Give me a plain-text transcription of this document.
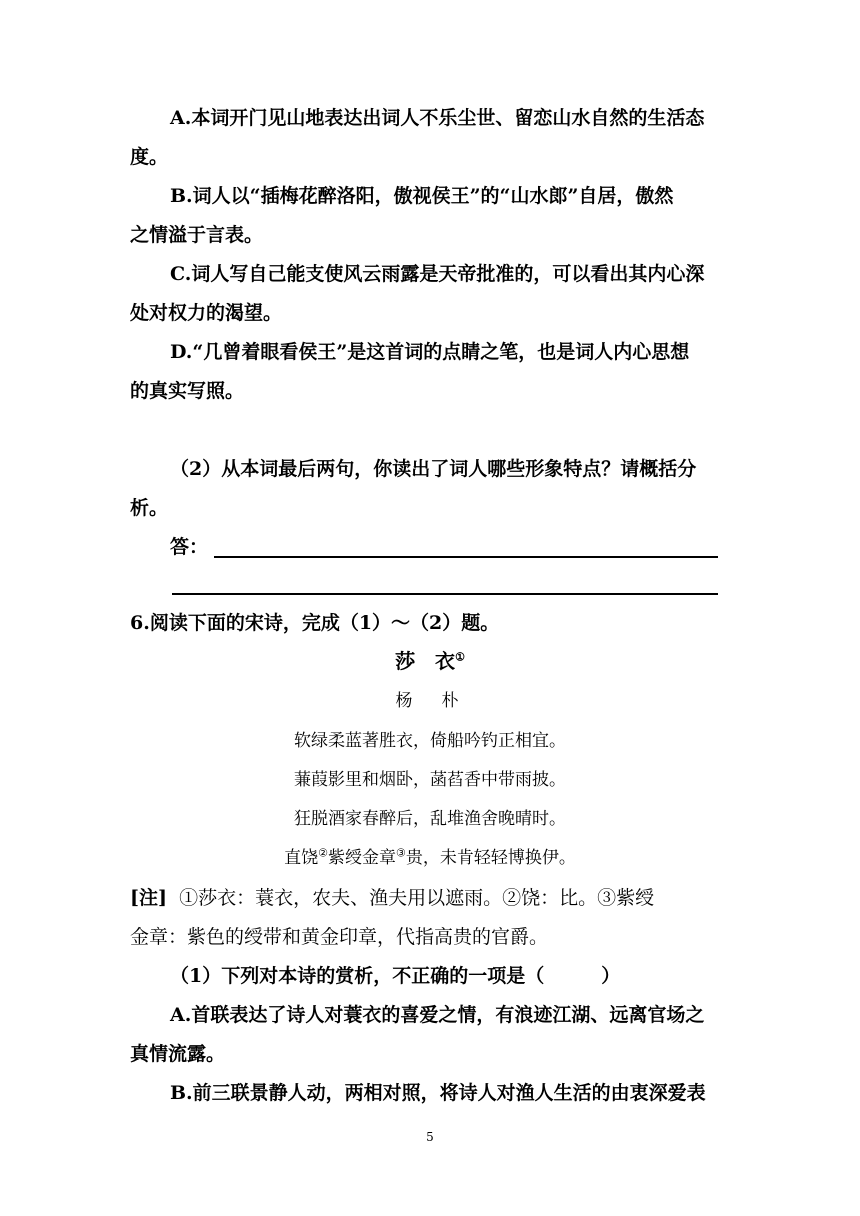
A.本词开门见山地表达出词人不乐尘世、留恋山水自然的生活态
度。
B.词人以“插梅花醉洛阳，傲视侯王”的“山水郎”自居，傲然
之情溢于言表。
C.词人写自己能支使风云雨露是天帝批准的，可以看出其内心深
处对权力的渴望。
D.“几曾着眼看侯王”是这首词的点睛之笔，也是词人内心思想
的真实写照。
（2）从本词最后两句，你读出了词人哪些形象特点？请概括分
析。
答：
6.阅读下面的宋诗，完成（1）～（2）题。
莎　衣①
杨　朴
软绿柔蓝著胜衣，倚船吟钓正相宜。
蒹葭影里和烟卧，菡萏香中带雨披。
狂脱酒家春醉后，乱堆渔舍晚晴时。
直饶②紫绶金章③贵，未肯轻轻博换伊。
[注] ①莎衣：蓑衣，农夫、渔夫用以遮雨。②饶：比。③紫绶
金章：紫色的绶带和黄金印章，代指高贵的官爵。
（1）下列对本诗的赏析，不正确的一项是（　　　）
A.首联表达了诗人对蓑衣的喜爱之情，有浪迹江湖、远离官场之
真情流露。
B.前三联景静人动，两相对照，将诗人对渔人生活的由衷深爱表
5
